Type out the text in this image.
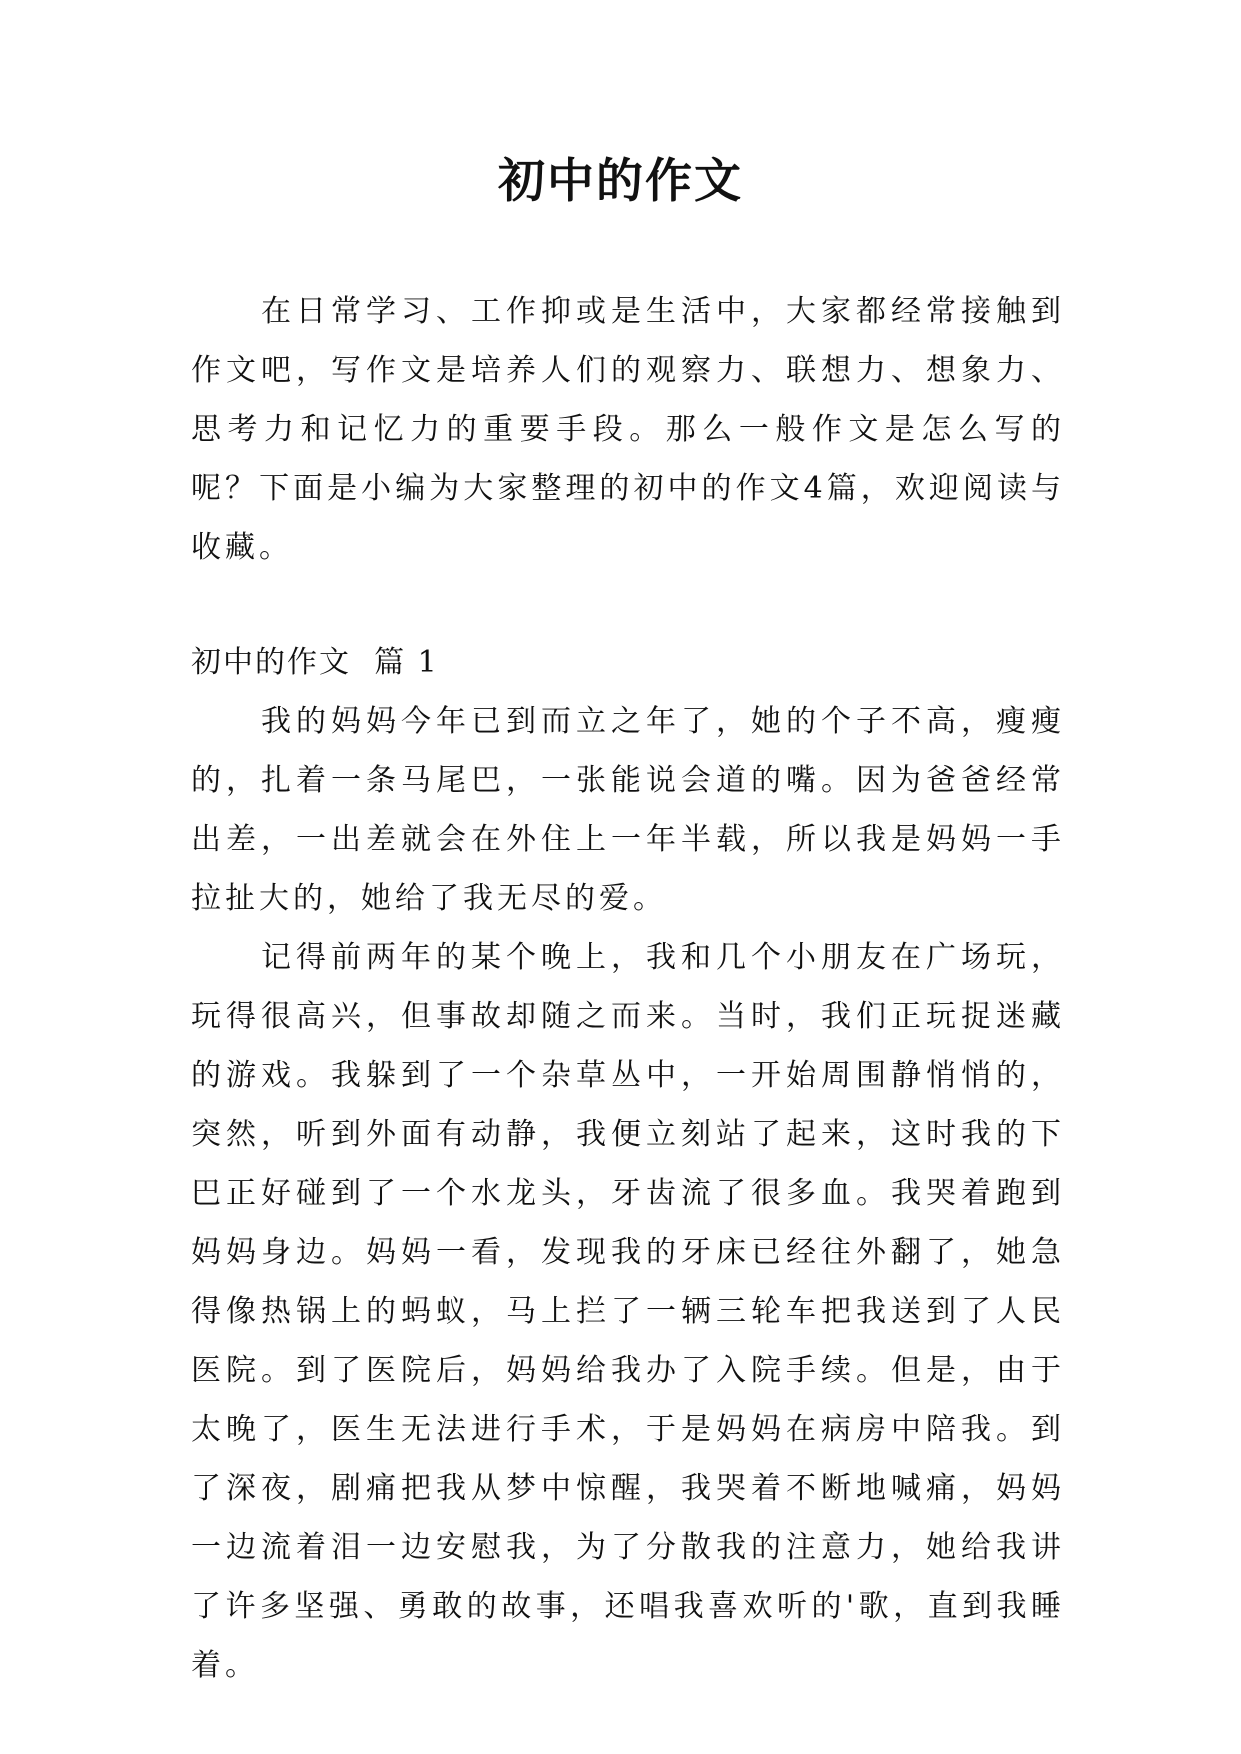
初中的作文

在日常学习、工作抑或是生活中，大家都经常接触到作文吧，写作文是培养人们的观察力、联想力、想象力、思考力和记忆力的重要手段。那么一般作文是怎么写的呢？下面是小编为大家整理的初中的作文4篇，欢迎阅读与收藏。

初中的作文  篇 1

我的妈妈今年已到而立之年了，她的个子不高，瘦瘦的，扎着一条马尾巴，一张能说会道的嘴。因为爸爸经常出差，一出差就会在外住上一年半载，所以我是妈妈一手拉扯大的，她给了我无尽的爱。

记得前两年的某个晚上，我和几个小朋友在广场玩，玩得很高兴，但事故却随之而来。当时，我们正玩捉迷藏的游戏。我躲到了一个杂草丛中，一开始周围静悄悄的，突然，听到外面有动静，我便立刻站了起来，这时我的下巴正好碰到了一个水龙头，牙齿流了很多血。我哭着跑到妈妈身边。妈妈一看，发现我的牙床已经往外翻了，她急得像热锅上的蚂蚁，马上拦了一辆三轮车把我送到了人民医院。到了医院后，妈妈给我办了入院手续。但是，由于太晚了，医生无法进行手术，于是妈妈在病房中陪我。到了深夜，剧痛把我从梦中惊醒，我哭着不断地喊痛，妈妈一边流着泪一边安慰我，为了分散我的注意力，她给我讲了许多坚强、勇敢的故事，还唱我喜欢听的'歌，直到我睡着。
